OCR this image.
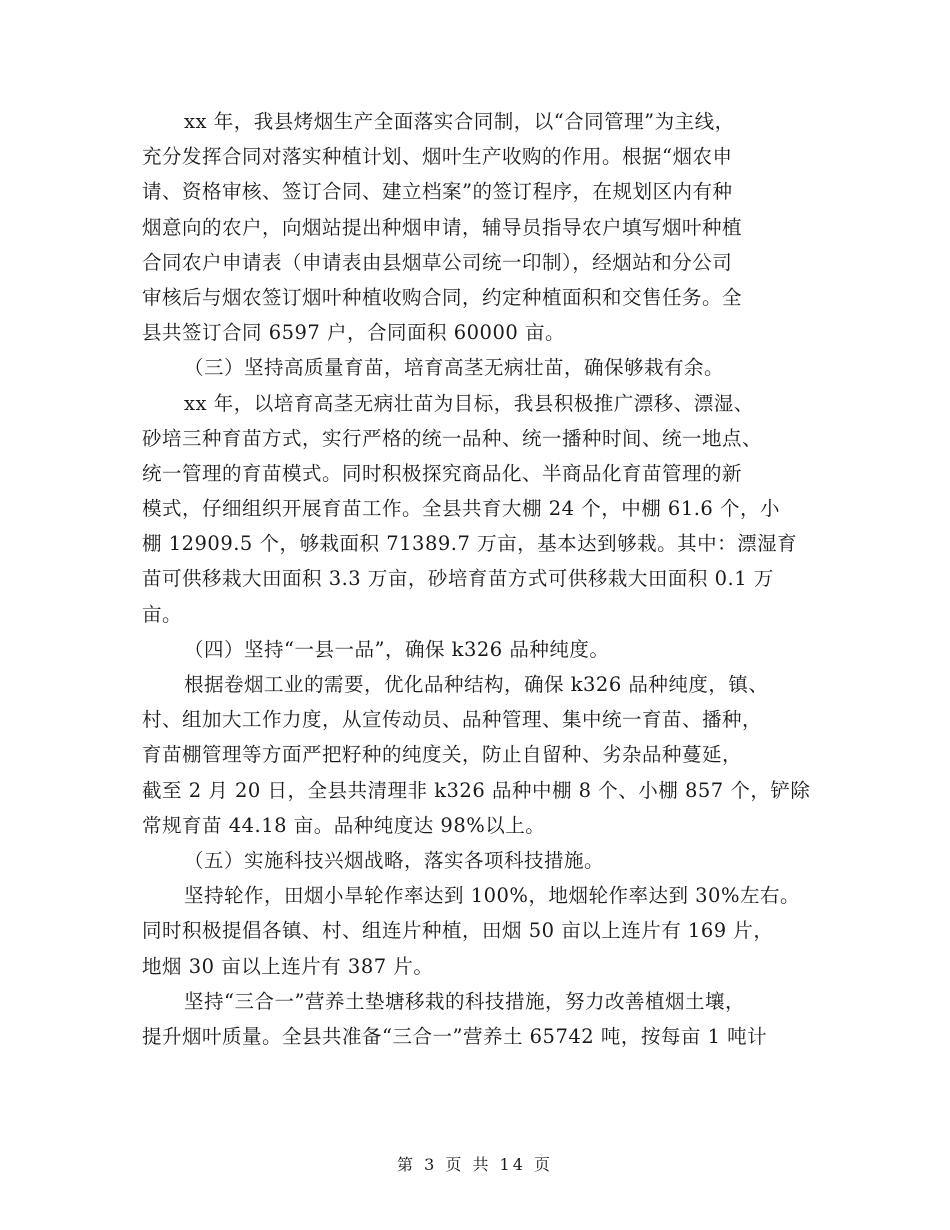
xx 年，我县烤烟生产全面落实合同制，以“合同管理”为主线，
充分发挥合同对落实种植计划、烟叶生产收购的作用。根据“烟农申
请、资格审核、签订合同、建立档案”的签订程序，在规划区内有种
烟意向的农户，向烟站提出种烟申请，辅导员指导农户填写烟叶种植
合同农户申请表（申请表由县烟草公司统一印制），经烟站和分公司
审核后与烟农签订烟叶种植收购合同，约定种植面积和交售任务。全
县共签订合同 6597 户，合同面积 60000 亩。
（三）坚持高质量育苗，培育高茎无病壮苗，确保够栽有余。
xx 年，以培育高茎无病壮苗为目标，我县积极推广漂移、漂湿、
砂培三种育苗方式，实行严格的统一品种、统一播种时间、统一地点、
统一管理的育苗模式。同时积极探究商品化、半商品化育苗管理的新
模式，仔细组织开展育苗工作。全县共育大棚 24 个，中棚 61.6 个，小
棚 12909.5 个，够栽面积 71389.7 万亩，基本达到够栽。其中：漂湿育
苗可供移栽大田面积 3.3 万亩，砂培育苗方式可供移栽大田面积 0.1 万
亩。
（四）坚持“一县一品”，确保 k326 品种纯度。
根据卷烟工业的需要，优化品种结构，确保 k326 品种纯度，镇、
村、组加大工作力度，从宣传动员、品种管理、集中统一育苗、播种，
育苗棚管理等方面严把籽种的纯度关，防止自留种、劣杂品种蔓延，
截至 2 月 20 日，全县共清理非 k326 品种中棚 8 个、小棚 857 个，铲除
常规育苗 44.18 亩。品种纯度达 98%以上。
（五）实施科技兴烟战略，落实各项科技措施。
坚持轮作，田烟小旱轮作率达到 100%，地烟轮作率达到 30%左右。
同时积极提倡各镇、村、组连片种植，田烟 50 亩以上连片有 169 片，
地烟 30 亩以上连片有 387 片。
坚持“三合一”营养土垫塘移栽的科技措施，努力改善植烟土壤，
提升烟叶质量。全县共准备“三合一”营养土 65742 吨，按每亩 1 吨计
第 3 页 共 14 页
